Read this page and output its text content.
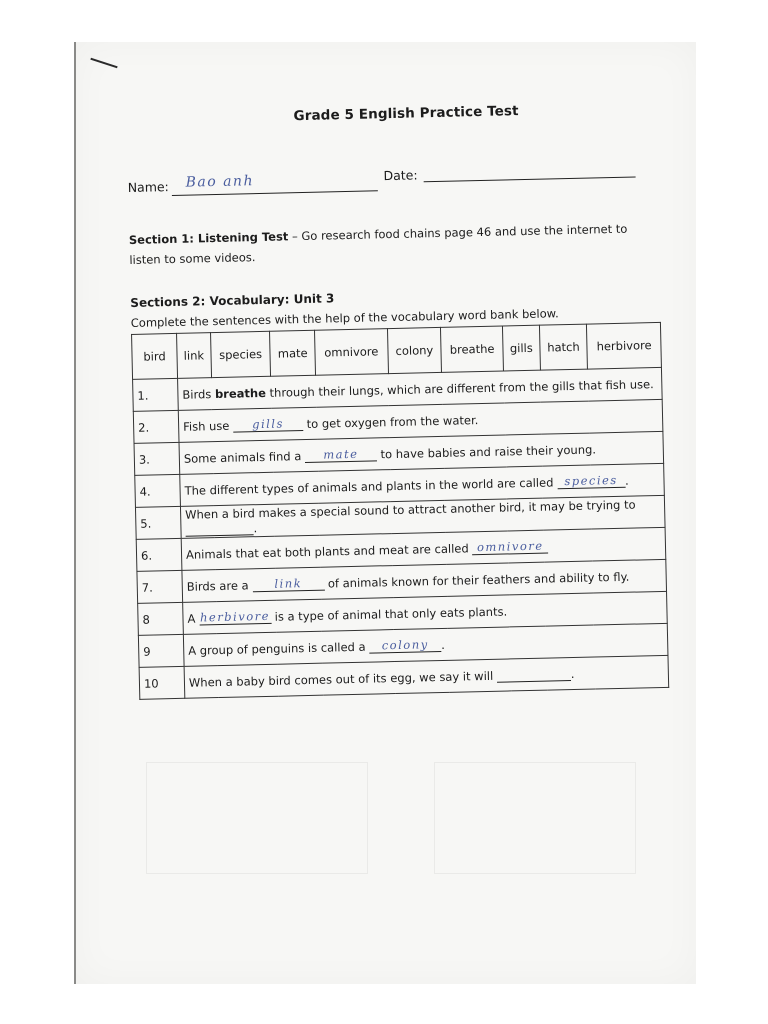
Grade 5 English Practice Test
Name: Bao anh	Date:
Section 1: Listening Test – Go research food chains page 46 and use the internet to listen to some videos.
Sections 2: Vocabulary: Unit 3
Complete the sentences with the help of the vocabulary word bank below.
bird	link	species	mate	omnivore	colony	breathe	gills	hatch	herbivore
1.	Birds breathe through their lungs, which are different from the gills that fish use.								
2.	Fish use gills to get oxygen from the water.								
3.	Some animals find a mate to have babies and raise their young.								
4.	The different types of animals and plants in the world are called species .								
5.	When a bird makes a special sound to attract another bird, it may be trying to .								
6.	Animals that eat both plants and meat are called omnivore								
7.	Birds are a link of animals known for their feathers and ability to fly.								
8	A herbivore is a type of animal that only eats plants.								
9	A group of penguins is called a colony .								
10	When a baby bird comes out of its egg, we say it will .								
